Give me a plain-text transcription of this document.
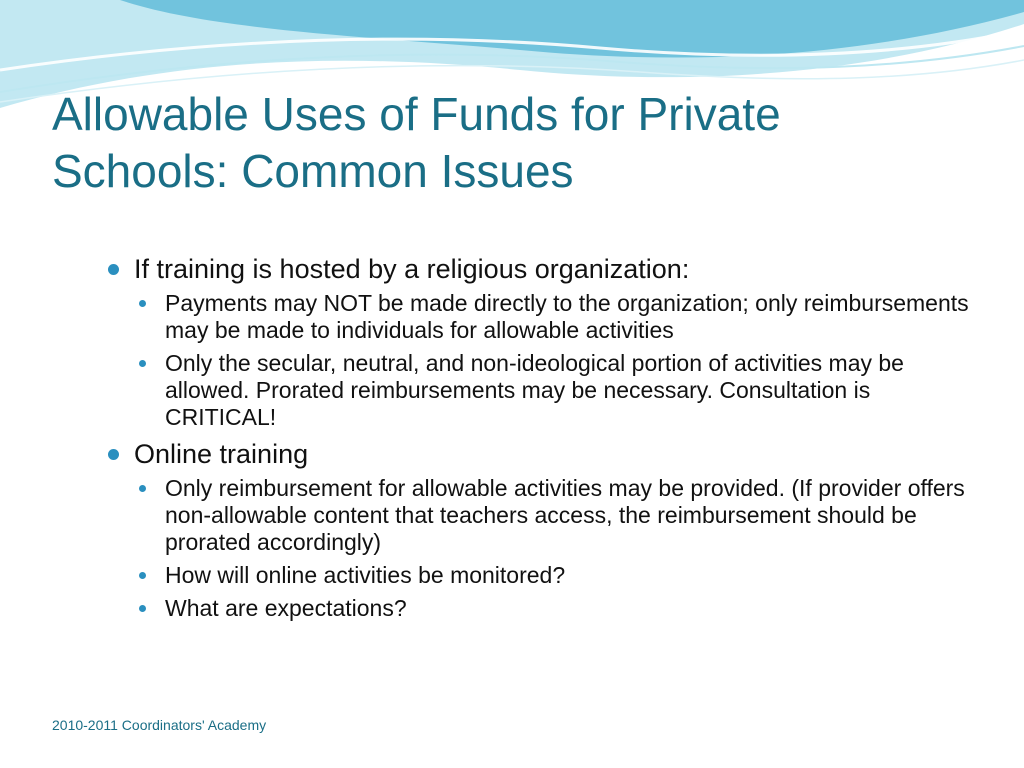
Allowable Uses of Funds for Private
Schools: Common Issues
If training is hosted by a religious organization:
Payments may NOT be made directly to the organization; only reimbursements may be made to individuals for allowable activities
Only the secular, neutral, and non-ideological portion of activities may be allowed. Prorated reimbursements may be necessary. Consultation is CRITICAL!
Online training
Only reimbursement for allowable activities may be provided. (If provider offers non-allowable content that teachers access, the reimbursement should be prorated accordingly)
How will online activities be monitored?
What are expectations?
2010-2011 Coordinators' Academy
